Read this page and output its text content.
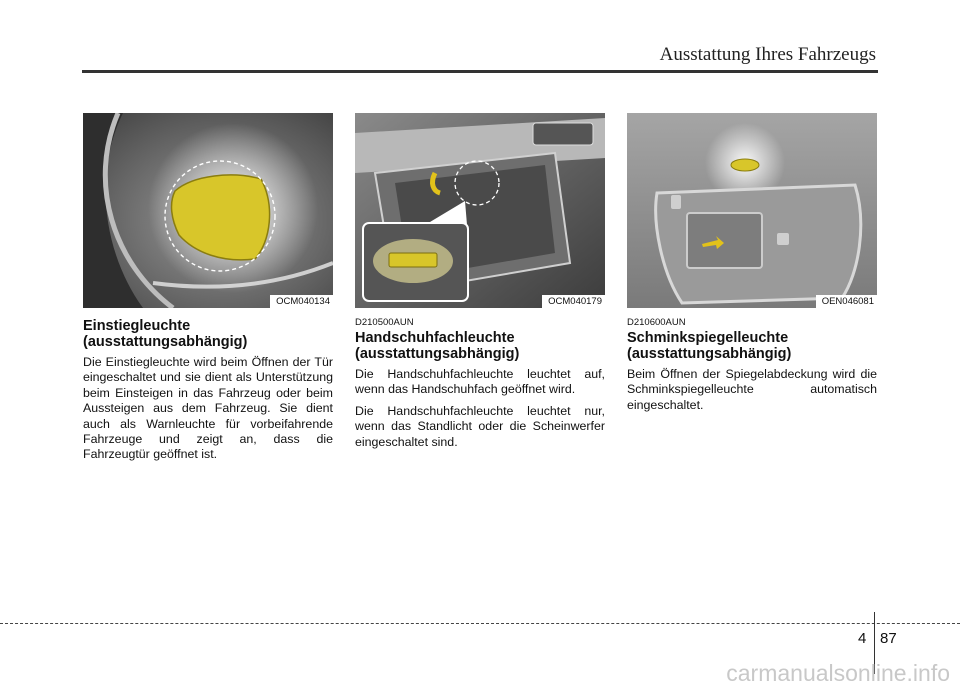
Ausstattung Ihres Fahrzeugs
OCM040134
Einstiegleuchte (ausstattungsabhängig)

Die Einstiegleuchte wird beim Öffnen der Tür eingeschaltet und sie dient als Unterstützung beim Einsteigen in das Fahrzeug oder beim Aussteigen aus dem Fahrzeug. Sie dient auch als Warnleuchte für vorbeifahrende Fahrzeuge und zeigt an, dass die Fahrzeugtür geöffnet ist.

OCM040179
D210500AUN
Handschuhfachleuchte (ausstattungsabhängig)

Die Handschuhfachleuchte leuchtet auf, wenn das Handschuhfach geöffnet wird.

Die Handschuhfachleuchte leuchtet nur, wenn das Standlicht oder die Scheinwerfer eingeschaltet sind.

OEN046081
D210600AUN
Schminkspiegelleuchte (ausstattungsabhängig)

Beim Öffnen der Spiegelabdeckung wird die Schminkspiegelleuchte automatisch eingeschaltet.

4 87
carmanualsonline.info
